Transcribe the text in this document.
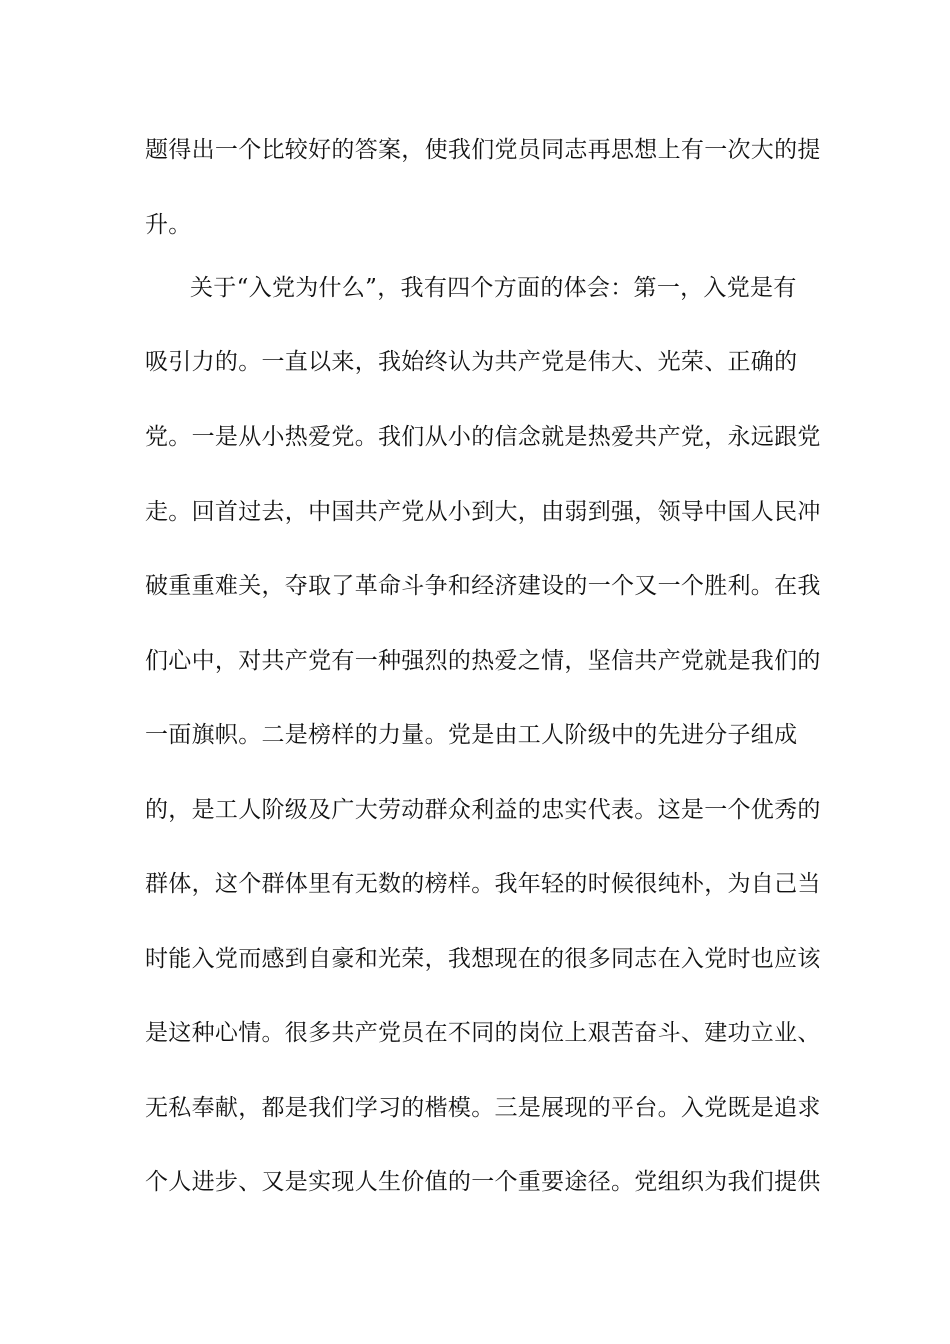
题得出一个比较好的答案，使我们党员同志再思想上有一次大的提
升。
关于“入党为什么”，我有四个方面的体会：第一，入党是有
吸引力的。一直以来，我始终认为共产党是伟大、光荣、正确的
党。一是从小热爱党。我们从小的信念就是热爱共产党，永远跟党
走。回首过去，中国共产党从小到大，由弱到强，领导中国人民冲
破重重难关，夺取了革命斗争和经济建设的一个又一个胜利。在我
们心中，对共产党有一种强烈的热爱之情，坚信共产党就是我们的
一面旗帜。二是榜样的力量。党是由工人阶级中的先进分子组成
的，是工人阶级及广大劳动群众利益的忠实代表。这是一个优秀的
群体，这个群体里有无数的榜样。我年轻的时候很纯朴，为自己当
时能入党而感到自豪和光荣，我想现在的很多同志在入党时也应该
是这种心情。很多共产党员在不同的岗位上艰苦奋斗、建功立业、
无私奉献，都是我们学习的楷模。三是展现的平台。入党既是追求
个人进步、又是实现人生价值的一个重要途径。党组织为我们提供
